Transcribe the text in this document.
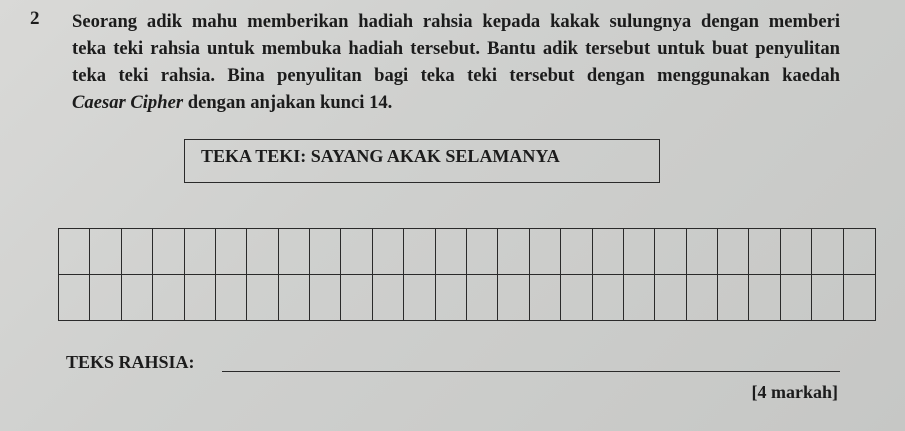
2 Seorang adik mahu memberikan hadiah rahsia kepada kakak sulungnya dengan memberi
teka teki rahsia untuk membuka hadiah tersebut. Bantu adik tersebut untuk buat penyulitan
teka teki rahsia. Bina penyulitan bagi teka teki tersebut dengan menggunakan kaedah
Caesar Cipher dengan anjakan kunci 14.
TEKA TEKI: SAYANG AKAK SELAMANYA
TEKS RAHSIA:
[4 markah]
